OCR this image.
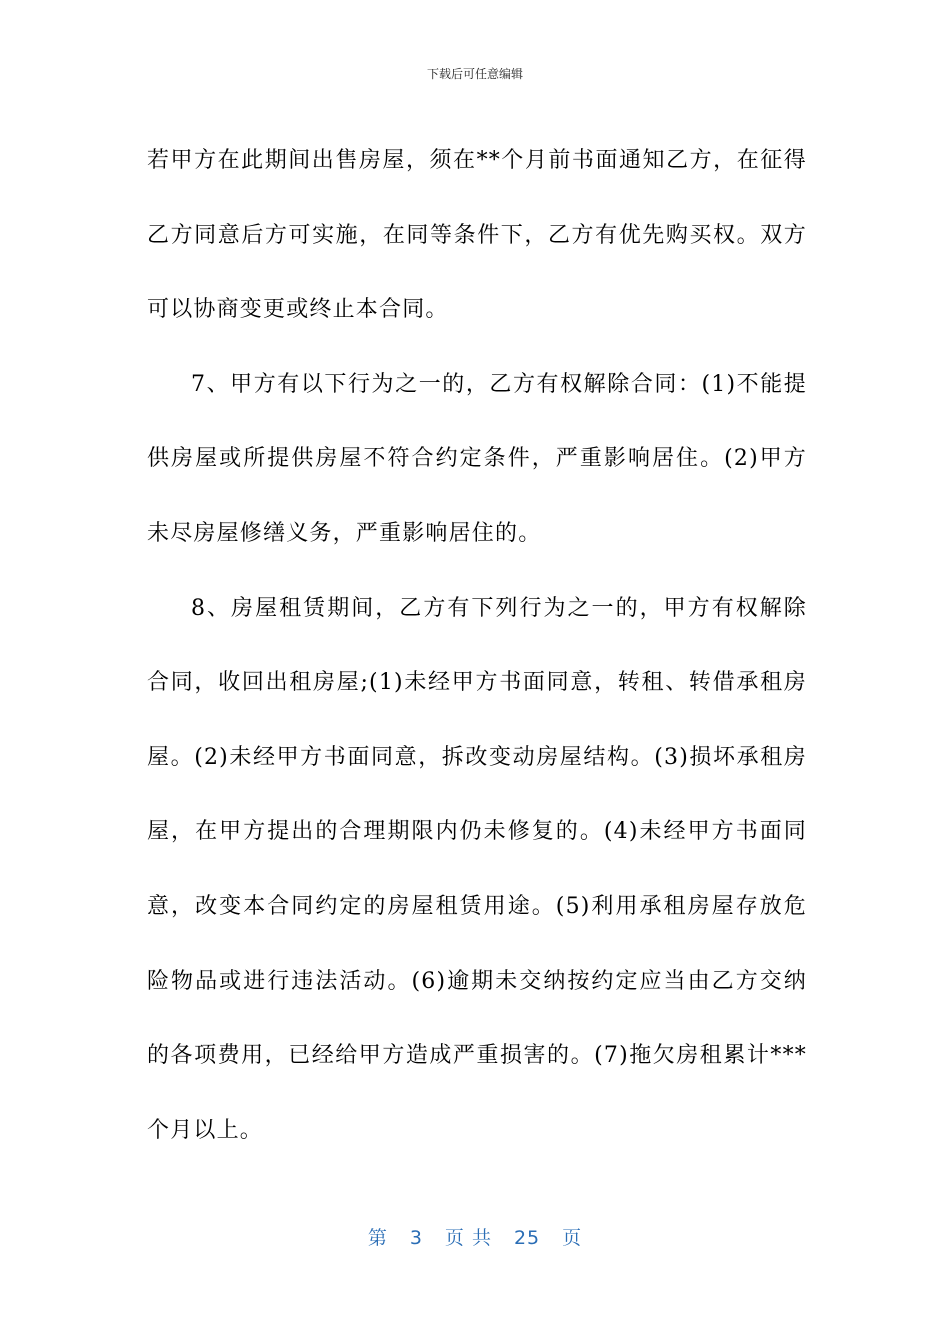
下载后可任意编辑

若甲方在此期间出售房屋，须在**个月前书面通知乙方，在征得乙方同意后方可实施，在同等条件下，乙方有优先购买权。双方可以协商变更或终止本合同。

7、甲方有以下行为之一的，乙方有权解除合同：(1)不能提供房屋或所提供房屋不符合约定条件，严重影响居住。(2)甲方未尽房屋修缮义务，严重影响居住的。

8、房屋租赁期间，乙方有下列行为之一的，甲方有权解除合同，收回出租房屋;(1)未经甲方书面同意，转租、转借承租房屋。(2)未经甲方书面同意，拆改变动房屋结构。(3)损坏承租房屋，在甲方提出的合理期限内仍未修复的。(4)未经甲方书面同意，改变本合同约定的房屋租赁用途。(5)利用承租房屋存放危险物品或进行违法活动。(6)逾期未交纳按约定应当由乙方交纳的各项费用，已经给甲方造成严重损害的。(7)拖欠房租累计***个月以上。

第 3 页 共 25 页
